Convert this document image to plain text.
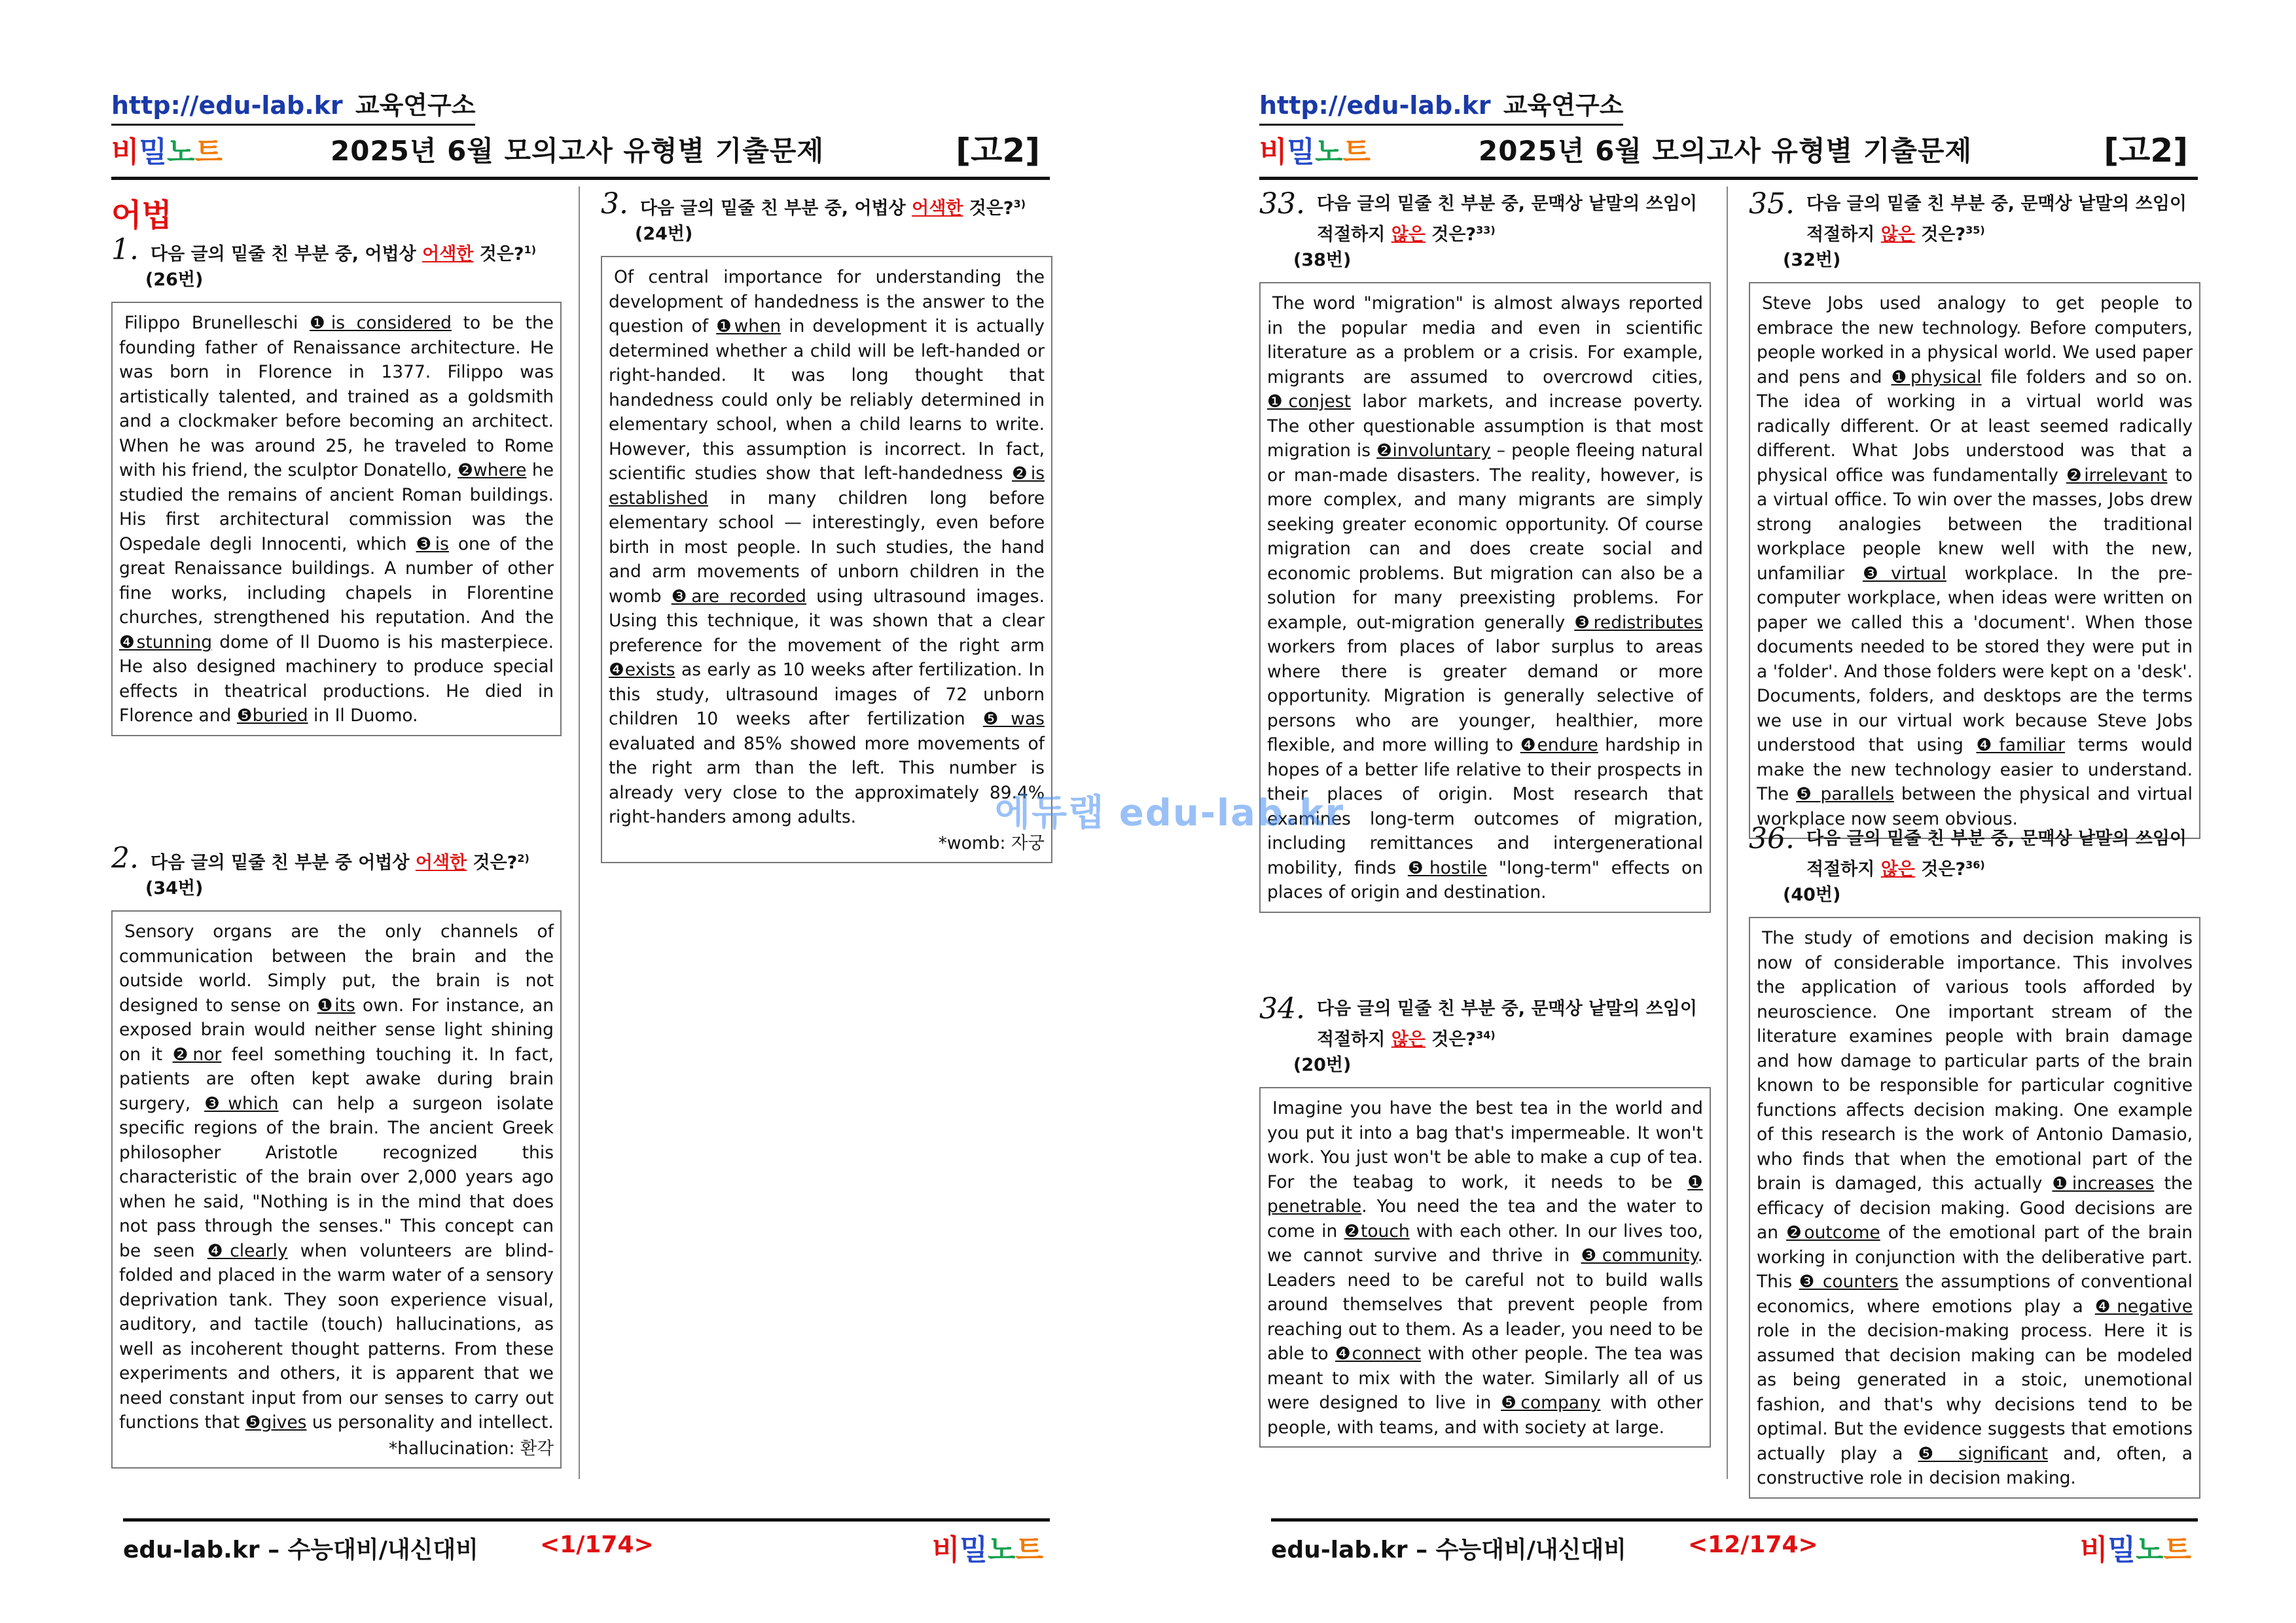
http://edu-lab.kr 교육연구소
비밀노트	2025년 6월 모의고사 유형별 기출문제	[고2]
어법
1. 다음 글의 밑줄 친 부분 중, 어법상 어색한 것은?$^{1)}$
(26번)
Filippo Brunelleschi ❶is considered to be the founding father of Renaissance architecture. He was born in Florence in 1377. Filippo was artistically talented, and trained as a goldsmith and a clockmaker before becoming an architect. When he was around 25, he traveled to Rome with his friend, the sculptor Donatello, ❷where he studied the remains of ancient Roman buildings. His first architectural commission was the Ospedale degli Innocenti, which ❸is one of the great Renaissance buildings. A number of other fine works, including chapels in Florentine churches, strengthened his reputation. And the ❹stunning dome of Il Duomo is his masterpiece. He also designed machinery to produce special effects in theatrical productions. He died in Florence and ❺buried in Il Duomo.
2. 다음 글의 밑줄 친 부분 중 어법상 어색한 것은?$^{2)}$
(34번)
Sensory organs are the only channels of communication between the brain and the outside world. Simply put, the brain is not designed to sense on ❶its own. For instance, an exposed brain would neither sense light shining on it ❷nor feel something touching it. In fact, patients are often kept awake during brain surgery, ❸which can help a surgeon isolate specific regions of the brain. The ancient Greek philosopher Aristotle recognized this characteristic of the brain over 2,000 years ago when he said, "Nothing is in the mind that does not pass through the senses." This concept can be seen ❹clearly when volunteers are blind-folded and placed in the warm water of a sensory deprivation tank. They soon experience visual, auditory, and tactile (touch) hallucinations, as well as incoherent thought patterns. From these experiments and others, it is apparent that we need constant input from our senses to carry out functions that ❺gives us personality and intellect.
*hallucination: 환각
3. 다음 글의 밑줄 친 부분 중, 어법상 어색한 것은?$^{3)}$
(24번)
Of central importance for understanding the development of handedness is the answer to the question of ❶when in development it is actually determined whether a child will be left-handed or right-handed. It was long thought that handedness could only be reliably determined in elementary school, when a child learns to write. However, this assumption is incorrect. In fact, scientific studies show that left-handedness ❷is established in many children long before elementary school — interestingly, even before birth in most people. In such studies, the hand and arm movements of unborn children in the womb ❸are recorded using ultrasound images. Using this technique, it was shown that a clear preference for the movement of the right arm ❹exists as early as 10 weeks after fertilization. In this study, ultrasound images of 72 unborn children 10 weeks after fertilization ❺was evaluated and 85% showed more movements of the right arm than the left. This number is already very close to the approximately 89.4% right-handers among adults.
*womb: 자궁
edu-lab.kr – 수능대비/내신대비	<1/174>	비밀노트
http://edu-lab.kr 교육연구소
비밀노트	2025년 6월 모의고사 유형별 기출문제	[고2]
33. 다음 글의 밑줄 친 부분 중, 문맥상 낱말의 쓰임이 적절하지 않은 것은?$^{33)}$
(38번)
The word "migration" is almost always reported in the popular media and even in scientific literature as a problem or a crisis. For example, migrants are assumed to overcrowd cities, ❶conjest labor markets, and increase poverty. The other questionable assumption is that most migration is ❷involuntary – people fleeing natural or man-made disasters. The reality, however, is more complex, and many migrants are simply seeking greater economic opportunity. Of course migration can and does create social and economic problems. But migration can also be a solution for many preexisting problems. For example, out-migration generally ❸redistributes workers from places of labor surplus to areas where there is greater demand or more opportunity. Migration is generally selective of persons who are younger, healthier, more flexible, and more willing to ❹endure hardship in hopes of a better life relative to their prospects in their places of origin. Most research that examines long-term outcomes of migration, including remittances and intergenerational mobility, finds ❺hostile "long-term" effects on places of origin and destination.
34. 다음 글의 밑줄 친 부분 중, 문맥상 낱말의 쓰임이 적절하지 않은 것은?$^{34)}$
(20번)
Imagine you have the best tea in the world and you put it into a bag that's impermeable. It won't work. You just won't be able to make a cup of tea. For the teabag to work, it needs to be ❶ penetrable. You need the tea and the water to come in ❷touch with each other. In our lives too, we cannot survive and thrive in ❸community. Leaders need to be careful not to build walls around themselves that prevent people from reaching out to them. As a leader, you need to be able to ❹connect with other people. The tea was meant to mix with the water. Similarly all of us were designed to live in ❺company with other people, with teams, and with society at large.
35. 다음 글의 밑줄 친 부분 중, 문맥상 낱말의 쓰임이 적절하지 않은 것은?$^{35)}$
(32번)
Steve Jobs used analogy to get people to embrace the new technology. Before computers, people worked in a physical world. We used paper and pens and ❶physical file folders and so on. The idea of working in a virtual world was radically different. Or at least seemed radically different. What Jobs understood was that a physical office was fundamentally ❷irrelevant to a virtual office. To win over the masses, Jobs drew strong analogies between the traditional workplace people knew well with the new, unfamiliar ❸virtual workplace. In the pre-computer workplace, when ideas were written on paper we called this a 'document'. When those documents needed to be stored they were put in a 'folder'. And those folders were kept on a 'desk'. Documents, folders, and desktops are the terms we use in our virtual work because Steve Jobs understood that using ❹familiar terms would make the new technology easier to understand. The ❺ parallels between the physical and virtual workplace now seem obvious.
36. 다음 글의 밑줄 친 부분 중, 문맥상 낱말의 쓰임이 적절하지 않은 것은?$^{36)}$
(40번)
The study of emotions and decision making is now of considerable importance. This involves the application of various tools afforded by neuroscience. One important stream of the literature examines people with brain damage and how damage to particular parts of the brain known to be responsible for particular cognitive functions affects decision making. One example of this research is the work of Antonio Damasio, who finds that when the emotional part of the brain is damaged, this actually ❶increases the efficacy of decision making. Good decisions are an ❷outcome of the emotional part of the brain working in conjunction with the deliberative part. This ❸ counters the assumptions of conventional economics, where emotions play a ❹negative role in the decision-making process. Here it is assumed that decision making can be modeled as being generated in a stoic, unemotional fashion, and that's why decisions tend to be optimal. But the evidence suggests that emotions actually play a ❺ significant and, often, a constructive role in decision making.
edu-lab.kr – 수능대비/내신대비	<12/174>	비밀노트
에듀랩 edu-lab.kr
